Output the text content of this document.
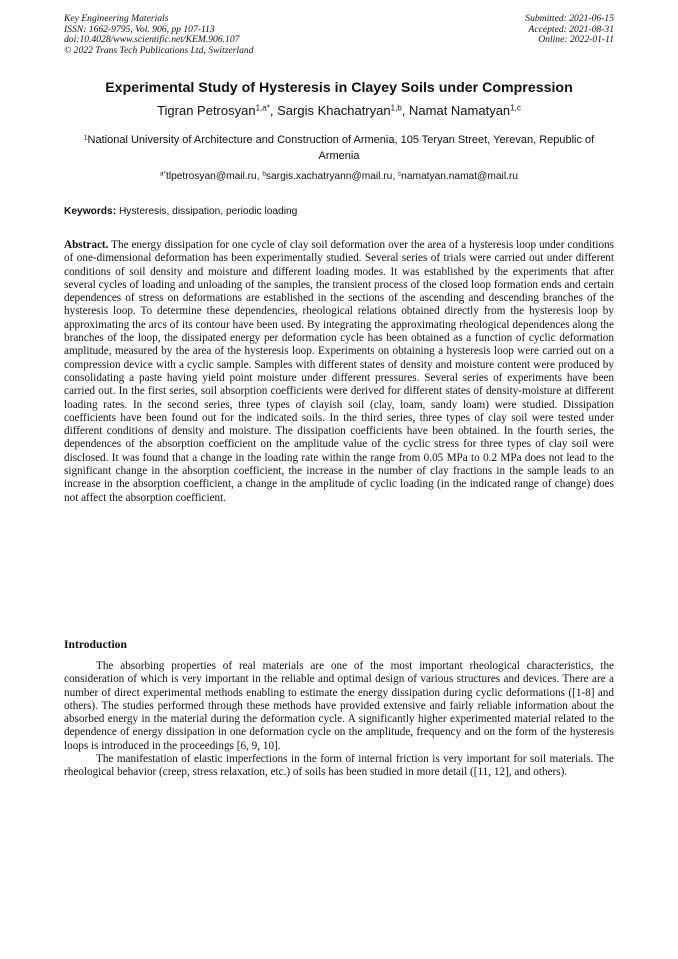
Key Engineering Materials
ISSN: 1662-9795, Vol. 906, pp 107-113
doi:10.4028/www.scientific.net/KEM.906.107
© 2022 Trans Tech Publications Ltd, Switzerland
Submitted: 2021-06-15
Accepted: 2021-08-31
Online: 2022-01-11
Experimental Study of Hysteresis in Clayey Soils under Compression
Tigran Petrosyan$^{1,a*}$, Sargis Khachatryan$^{1,b}$, Namat Namatyan$^{1,c}$
$^1$National University of Architecture and Construction of Armenia, 105 Teryan Street, Yerevan, Republic of Armenia
$^{a*}$tlpetrosyan@mail.ru, $^b$sargis.xachatryann@mail.ru, $^c$namatyan.namat@mail.ru
Keywords: Hysteresis, dissipation, periodic loading
Abstract. The energy dissipation for one cycle of clay soil deformation over the area of a hysteresis loop under conditions of one-dimensional deformation has been experimentally studied. Several series of trials were carried out under different conditions of soil density and moisture and different loading modes. It was established by the experiments that after several cycles of loading and unloading of the samples, the transient process of the closed loop formation ends and certain dependences of stress on deformations are established in the sections of the ascending and descending branches of the hysteresis loop. To determine these dependencies, rheological relations obtained directly from the hysteresis loop by approximating the arcs of its contour have been used. By integrating the approximating rheological dependences along the branches of the loop, the dissipated energy per deformation cycle has been obtained as a function of cyclic deformation amplitude, measured by the area of the hysteresis loop. Experiments on obtaining a hysteresis loop were carried out on a compression device with a cyclic sample. Samples with different states of density and moisture content were produced by consolidating a paste having yield point moisture under different pressures. Several series of experiments have been carried out. In the first series, soil absorption coefficients were derived for different states of density-moisture at different loading rates. In the second series, three types of clayish soil (clay, loam, sandy loam) were studied. Dissipation coefficients have been found out for the indicated soils. In the third series, three types of clay soil were tested under different conditions of density and moisture. The dissipation coefficients have been obtained. In the fourth series, the dependences of the absorption coefficient on the amplitude value of the cyclic stress for three types of clay soil were disclosed. It was found that a change in the loading rate within the range from 0.05 MPa to 0.2 MPa does not lead to the significant change in the absorption coefficient, the increase in the number of clay fractions in the sample leads to an increase in the absorption coefficient, a change in the amplitude of cyclic loading (in the indicated range of change) does not affect the absorption coefficient.
Introduction

The absorbing properties of real materials are one of the most important rheological characteristics, the consideration of which is very important in the reliable and optimal design of various structures and devices. There are a number of direct experimental methods enabling to estimate the energy dissipation during cyclic deformations ([1-8] and others). The studies performed through these methods have provided extensive and fairly reliable information about the absorbed energy in the material during the deformation cycle. A significantly higher experimented material related to the dependence of energy dissipation in one deformation cycle on the amplitude, frequency and on the form of the hysteresis loops is introduced in the proceedings [6, 9, 10].

The manifestation of elastic imperfections in the form of internal friction is very important for soil materials. The rheological behavior (creep, stress relaxation, etc.) of soils has been studied in more detail ([11, 12], and others).
